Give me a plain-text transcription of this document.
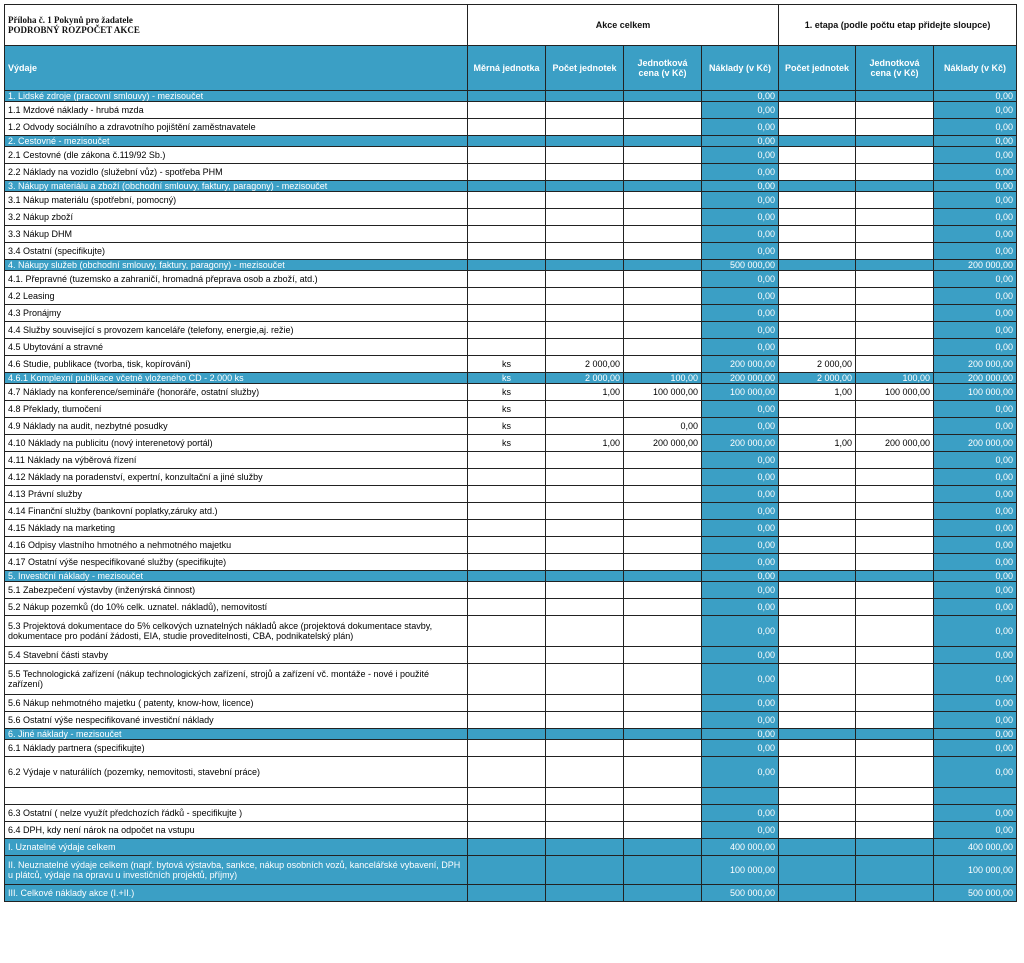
Příloha č. 1 Pokynů pro žadatele
PODROBNÝ ROZPOČET AKCE	Akce celkem				1. etapa (podle počtu etap přidejte sloupce)		
Výdaje	Měrná jednotka	Počet jednotek	Jednotková cena (v Kč)	Náklady (v Kč)	Počet jednotek	Jednotková cena (v Kč)	Náklady (v Kč)
1. Lidské zdroje (pracovní smlouvy) - mezisoučet				0,00			0,00
1.1 Mzdové náklady - hrubá mzda				0,00			0,00
1.2 Odvody sociálního a zdravotního pojištění zaměstnavatele				0,00			0,00
2. Cestovné - mezisoučet				0,00			0,00
2.1 Cestovné (dle zákona č.119/92 Sb.)				0,00			0,00
2.2 Náklady na vozidlo (služební vůz) - spotřeba PHM				0,00			0,00
3. Nákupy materiálu a zboží (obchodní smlouvy, faktury, paragony) - mezisoučet				0,00			0,00
3.1 Nákup materiálu (spotřební, pomocný)				0,00			0,00
3.2 Nákup zboží				0,00			0,00
3.3 Nákup DHM				0,00			0,00
3.4 Ostatní (specifikujte)				0,00			0,00
4. Nákupy služeb (obchodní smlouvy, faktury, paragony) - mezisoučet				500 000,00			200 000,00
4.1. Přepravné (tuzemsko a zahraničí, hromadná přeprava osob a zboží, atd.)				0,00			0,00
4.2 Leasing				0,00			0,00
4.3 Pronájmy				0,00			0,00
4.4 Služby související s provozem kanceláře (telefony, energie,aj. režie)				0,00			0,00
4.5 Ubytování a stravné				0,00			0,00
4.6 Studie, publikace (tvorba, tisk, kopírování)	ks	2 000,00		200 000,00	2 000,00		200 000,00
4.6.1 Komplexní publikace včetně vloženého CD - 2.000 ks	ks	2 000,00	100,00	200 000,00	2 000,00	100,00	200 000,00
4.7 Náklady na konference/semináře (honoráře, ostatní služby)	ks	1,00	100 000,00	100 000,00	1,00	100 000,00	100 000,00
4.8 Překlady, tlumočení	ks			0,00			0,00
4.9 Náklady na audit, nezbytné posudky	ks		0,00	0,00			0,00
4.10 Náklady na publicitu (nový interenetový portál)	ks	1,00	200 000,00	200 000,00	1,00	200 000,00	200 000,00
4.11 Náklady na výběrová řízení				0,00			0,00
4.12 Náklady na poradenství, expertní, konzultační a jiné služby				0,00			0,00
4.13 Právní služby				0,00			0,00
4.14 Finanční služby (bankovní poplatky,záruky atd.)				0,00			0,00
4.15 Náklady na marketing				0,00			0,00
4.16 Odpisy vlastního hmotného a nehmotného majetku				0,00			0,00
4.17 Ostatní výše nespecifikované služby (specifikujte)				0,00			0,00
5. Investiční náklady - mezisoučet				0,00			0,00
5.1 Zabezpečení výstavby (inženýrská činnost)				0,00			0,00
5.2 Nákup pozemků (do 10% celk. uznatel. nákladů), nemovitostí				0,00			0,00
5.3 Projektová dokumentace do 5% celkových uznatelných nákladů akce (projektová dokumentace stavby, dokumentace pro podání žádosti, EIA, studie proveditelnosti, CBA, podnikatelský plán)				0,00			0,00
5.4 Stavební části stavby				0,00			0,00
5.5 Technologická zařízení (nákup technologických zařízení, strojů a zařízení vč. montáže - nové i použité zařízení)				0,00			0,00
5.6 Nákup nehmotného majetku ( patenty, know-how, licence)				0,00			0,00
5.6 Ostatní výše nespecifikované investiční náklady				0,00			0,00
6. Jiné náklady - mezisoučet				0,00			0,00
6.1 Náklady partnera (specifikujte)				0,00			0,00
6.2 Výdaje v naturáliích (pozemky, nemovitosti, stavební práce)				0,00			0,00

6.3 Ostatní ( nelze využít předchozích řádků - specifikujte )				0,00			0,00
6.4 DPH, kdy není nárok na odpočet na vstupu				0,00			0,00
I. Uznatelné výdaje celkem				400 000,00			400 000,00
II. Neuznatelné výdaje celkem (např. bytová výstavba, sankce, nákup osobních vozů, kancelářské vybavení, DPH u plátců, výdaje na opravu u investičních projektů, příjmy)				100 000,00			100 000,00
III. Celkové náklady akce (I.+II.)				500 000,00			500 000,00
